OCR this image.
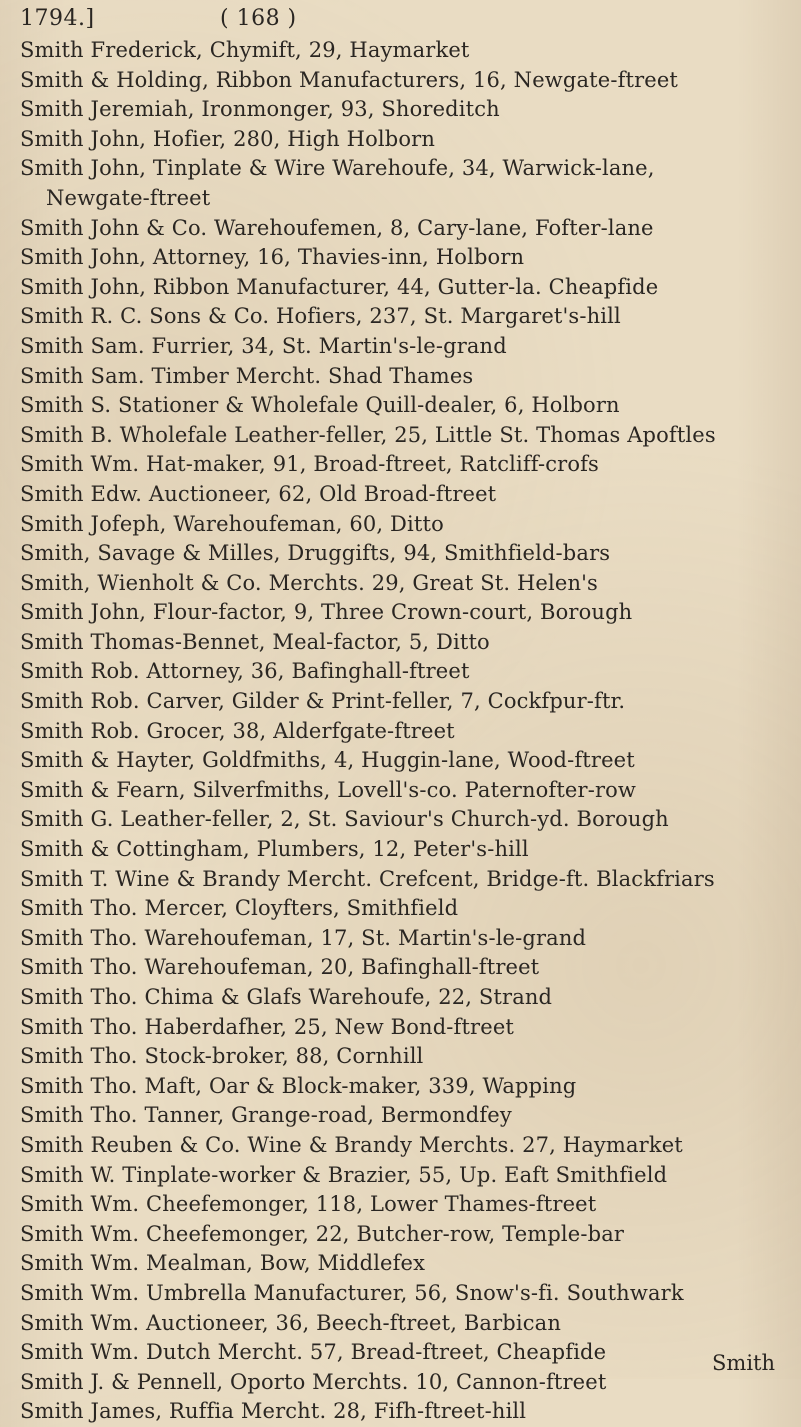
1794.]	( 168 )
Smith Frederick, Chymift, 29, Haymarket
Smith & Holding, Ribbon Manufacturers, 16, Newgate-ftreet
Smith Jeremiah, Ironmonger, 93, Shoreditch
Smith John, Hofier, 280, High Holborn
Smith John, Tinplate & Wire Warehoufe, 34, Warwick-lane,
Newgate-ftreet
Smith John & Co. Warehoufemen, 8, Cary-lane, Fofter-lane
Smith John, Attorney, 16, Thavies-inn, Holborn
Smith John, Ribbon Manufacturer, 44, Gutter-la. Cheapfide
Smith R. C. Sons & Co. Hofiers, 237, St. Margaret's-hill
Smith Sam. Furrier, 34, St. Martin's-le-grand
Smith Sam. Timber Mercht. Shad Thames
Smith S. Stationer & Wholefale Quill-dealer, 6, Holborn
Smith B. Wholefale Leather-feller, 25, Little St. Thomas Apoftles
Smith Wm. Hat-maker, 91, Broad-ftreet, Ratcliff-crofs
Smith Edw. Auctioneer, 62, Old Broad-ftreet
Smith Jofeph, Warehoufeman, 60, Ditto
Smith, Savage & Milles, Druggifts, 94, Smithfield-bars
Smith, Wienholt & Co. Merchts. 29, Great St. Helen's
Smith John, Flour-factor, 9, Three Crown-court, Borough
Smith Thomas-Bennet, Meal-factor, 5, Ditto
Smith Rob. Attorney, 36, Bafinghall-ftreet
Smith Rob. Carver, Gilder & Print-feller, 7, Cockfpur-ftr.
Smith Rob. Grocer, 38, Alderfgate-ftreet
Smith & Hayter, Goldfmiths, 4, Huggin-lane, Wood-ftreet
Smith & Fearn, Silverfmiths, Lovell's-co. Paternofter-row
Smith G. Leather-feller, 2, St. Saviour's Church-yd. Borough
Smith & Cottingham, Plumbers, 12, Peter's-hill
Smith T. Wine & Brandy Mercht. Crefcent, Bridge-ft. Blackfriars
Smith Tho. Mercer, Cloyfters, Smithfield
Smith Tho. Warehoufeman, 17, St. Martin's-le-grand
Smith Tho. Warehoufeman, 20, Bafinghall-ftreet
Smith Tho. Chima & Glafs Warehoufe, 22, Strand
Smith Tho. Haberdafher, 25, New Bond-ftreet
Smith Tho. Stock-broker, 88, Cornhill
Smith Tho. Maft, Oar & Block-maker, 339, Wapping
Smith Tho. Tanner, Grange-road, Bermondfey
Smith Reuben & Co. Wine & Brandy Merchts. 27, Haymarket
Smith W. Tinplate-worker & Brazier, 55, Up. Eaft Smithfield
Smith Wm. Cheefemonger, 118, Lower Thames-ftreet
Smith Wm. Cheefemonger, 22, Butcher-row, Temple-bar
Smith Wm. Mealman, Bow, Middlefex
Smith Wm. Umbrella Manufacturer, 56, Snow's-fi. Southwark
Smith Wm. Auctioneer, 36, Beech-ftreet, Barbican
Smith Wm. Dutch Mercht. 57, Bread-ftreet, Cheapfide
Smith J. & Pennell, Oporto Merchts. 10, Cannon-ftreet
Smith James, Ruffia Mercht. 28, Fifh-ftreet-hill
Smith
